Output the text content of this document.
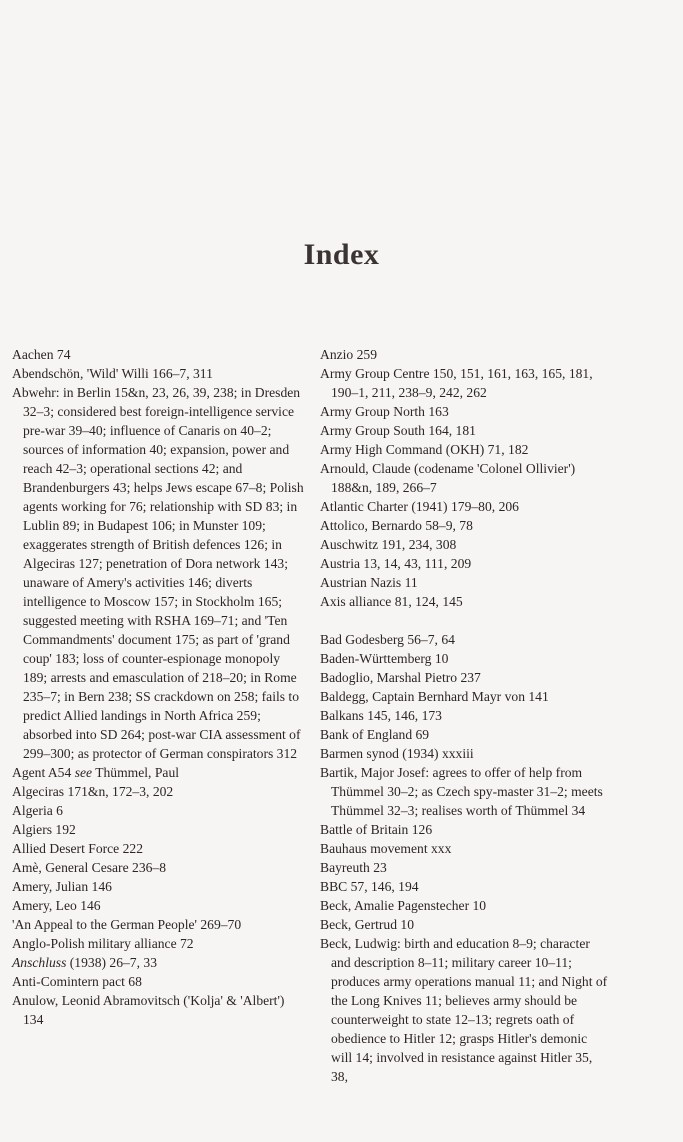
Index

Aachen 74

Abendschön, 'Wild' Willi 166–7, 311

Abwehr: in Berlin 15&n, 23, 26, 39, 238; in Dresden 32–3; considered best foreign-intelligence service pre-war 39–40; influence of Canaris on 40–2; sources of information 40; expansion, power and reach 42–3; operational sections 42; and Brandenburgers 43; helps Jews escape 67–8; Polish agents working for 76; relationship with SD 83; in Lublin 89; in Budapest 106; in Munster 109; exaggerates strength of British defences 126; in Algeciras 127; penetration of Dora network 143; unaware of Amery's activities 146; diverts intelligence to Moscow 157; in Stockholm 165; suggested meeting with RSHA 169–71; and 'Ten Commandments' document 175; as part of 'grand coup' 183; loss of counter-espionage monopoly 189; arrests and emasculation of 218–20; in Rome 235–7; in Bern 238; SS crackdown on 258; fails to predict Allied landings in North Africa 259; absorbed into SD 264; post-war CIA assessment of 299–300; as protector of German conspirators 312

Agent A54 see Thümmel, Paul

Algeciras 171&n, 172–3, 202

Algeria 6

Algiers 192

Allied Desert Force 222

Amè, General Cesare 236–8

Amery, Julian 146

Amery, Leo 146

'An Appeal to the German People' 269–70

Anglo-Polish military alliance 72

Anschluss (1938) 26–7, 33

Anti-Comintern pact 68

Anulow, Leonid Abramovitsch ('Kolja' & 'Albert') 134

Anzio 259

Army Group Centre 150, 151, 161, 163, 165, 181, 190–1, 211, 238–9, 242, 262

Army Group North 163

Army Group South 164, 181

Army High Command (OKH) 71, 182

Arnould, Claude (codename 'Colonel Ollivier') 188&n, 189, 266–7

Atlantic Charter (1941) 179–80, 206

Attolico, Bernardo 58–9, 78

Auschwitz 191, 234, 308

Austria 13, 14, 43, 111, 209

Austrian Nazis 11

Axis alliance 81, 124, 145

Bad Godesberg 56–7, 64

Baden-Württemberg 10

Badoglio, Marshal Pietro 237

Baldegg, Captain Bernhard Mayr von 141

Balkans 145, 146, 173

Bank of England 69

Barmen synod (1934) xxxiii

Bartik, Major Josef: agrees to offer of help from Thümmel 30–2; as Czech spy-master 31–2; meets Thümmel 32–3; realises worth of Thümmel 34

Battle of Britain 126

Bauhaus movement xxx

Bayreuth 23

BBC 57, 146, 194

Beck, Amalie Pagenstecher 10

Beck, Gertrud 10

Beck, Ludwig: birth and education 8–9; character and description 8–11; military career 10–11; produces army operations manual 11; and Night of the Long Knives 11; believes army should be counterweight to state 12–13; regrets oath of obedience to Hitler 12; grasps Hitler's demonic will 14; involved in resistance against Hitler 35, 38,
